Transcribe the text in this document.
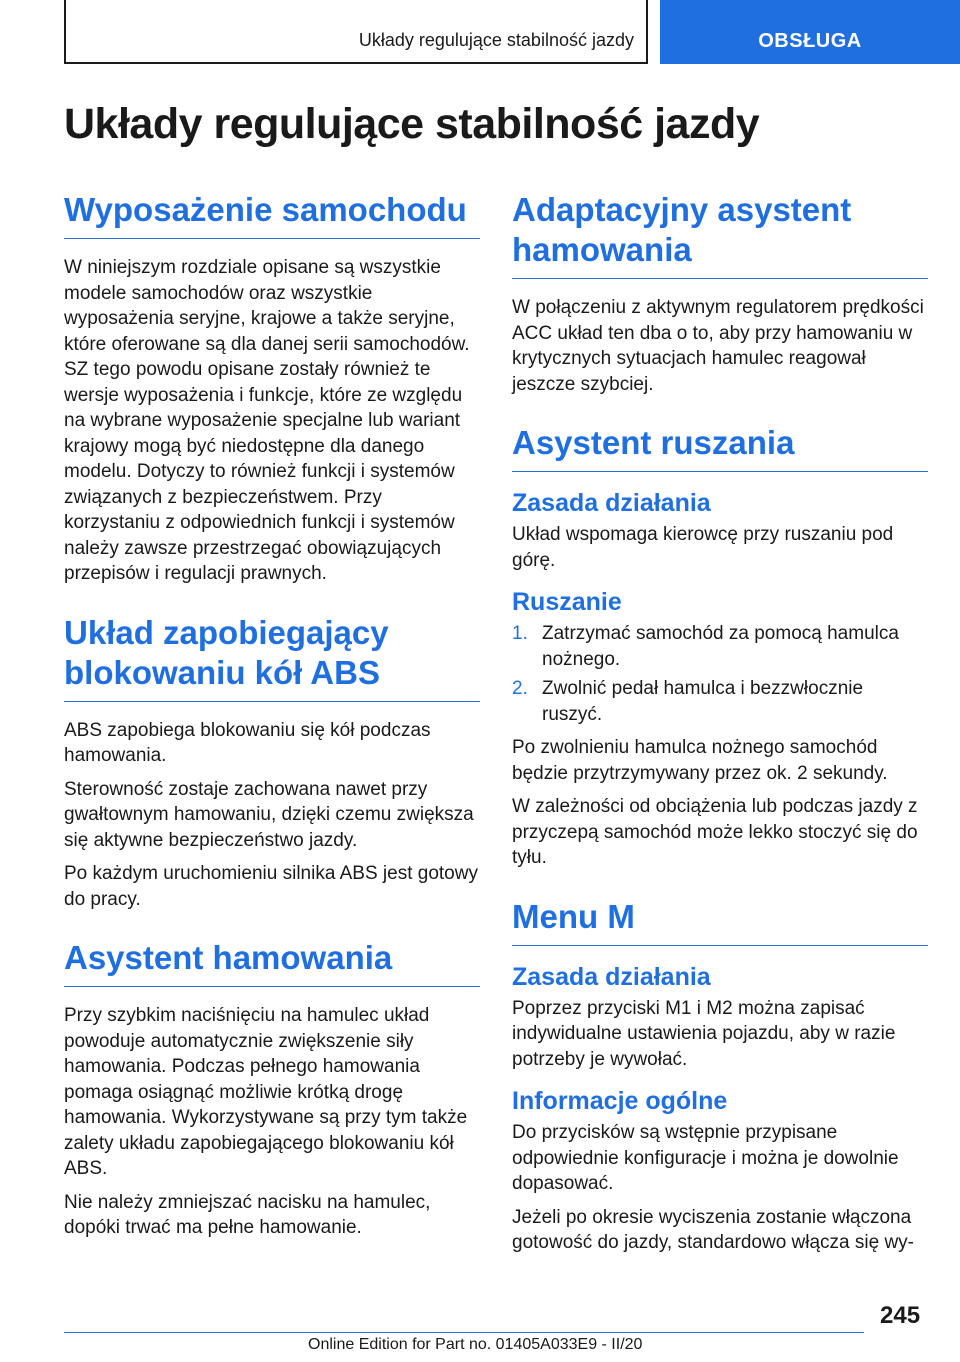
Układy regulujące stabilność jazdy	OBSŁUGA
Układy regulujące stabilność jazdy
Wyposażenie samochodu

W niniejszym rozdziale opisane są wszystkie modele samochodów oraz wszystkie wyposażenia seryjne, krajowe a także seryjne, które oferowane są dla danej serii samochodów. SZ tego powodu opisane zostały również te wersje wyposażenia i funkcje, które ze względu na wybrane wyposażenie specjalne lub wariant krajowy mogą być niedostępne dla danego modelu. Dotyczy to również funkcji i systemów związanych z bezpieczeństwem. Przy korzystaniu z odpowiednich funkcji i systemów należy zawsze przestrzegać obowiązujących przepisów i regulacji prawnych.

Układ zapobiegający blokowaniu kół ABS

ABS zapobiega blokowaniu się kół podczas hamowania.

Sterowność zostaje zachowana nawet przy gwałtownym hamowaniu, dzięki czemu zwiększa się aktywne bezpieczeństwo jazdy.

Po każdym uruchomieniu silnika ABS jest gotowy do pracy.

Asystent hamowania

Przy szybkim naciśnięciu na hamulec układ powoduje automatycznie zwiększenie siły hamowania. Podczas pełnego hamowania pomaga osiągnąć możliwie krótką drogę hamowania. Wykorzystywane są przy tym także zalety układu zapobiegającego blokowaniu kół ABS.

Nie należy zmniejszać nacisku na hamulec, dopóki trwać ma pełne hamowanie.

Adaptacyjny asystent hamowania

W połączeniu z aktywnym regulatorem prędkości ACC układ ten dba o to, aby przy hamowaniu w krytycznych sytuacjach hamulec reagował jeszcze szybciej.

Asystent ruszania
Zasada działania

Układ wspomaga kierowcę przy ruszaniu pod górę.

Ruszanie
1. Zatrzymać samochód za pomocą hamulca nożnego.
2. Zwolnić pedał hamulca i bezzwłocznie ruszyć.

Po zwolnieniu hamulca nożnego samochód będzie przytrzymywany przez ok. 2 sekundy.

W zależności od obciążenia lub podczas jazdy z przyczepą samochód może lekko stoczyć się do tyłu.

Menu M
Zasada działania

Poprzez przyciski M1 i M2 można zapisać indywidualne ustawienia pojazdu, aby w razie potrzeby je wywołać.

Informacje ogólne

Do przycisków są wstępnie przypisane odpowiednie konfiguracje i można je dowolnie dopasować.

Jeżeli po okresie wyciszenia zostanie włączona gotowość do jazdy, standardowo włącza się wy-

245
Online Edition for Part no. 01405A033E9 - II/20
